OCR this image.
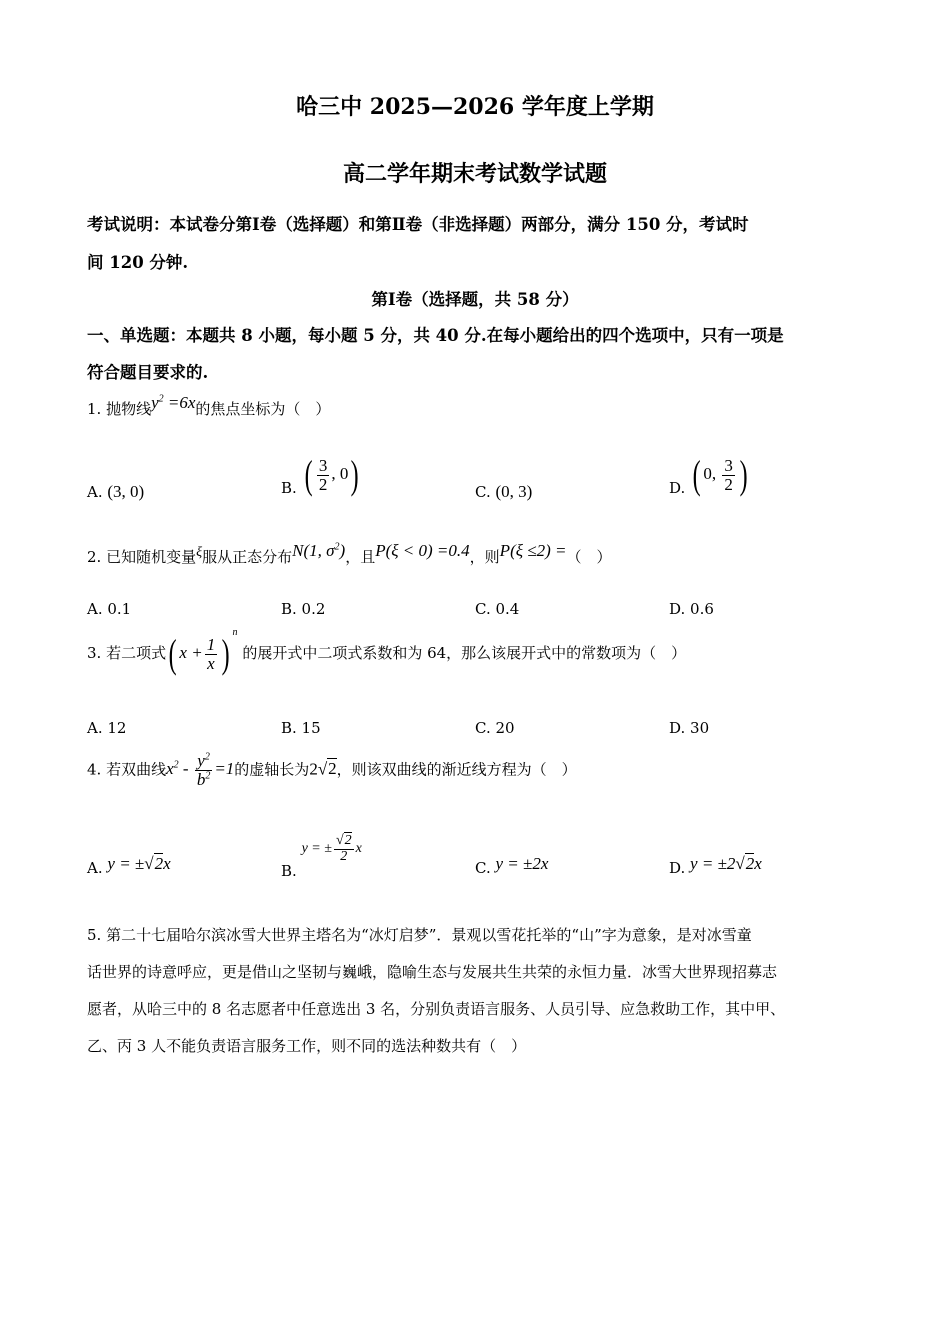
哈三中 2025—2026 学年度上学期
高二学年期末考试数学试题
考试说明：本试卷分第Ⅰ卷（选择题）和第Ⅱ卷（非选择题）两部分，满分 150 分，考试时
间 120 分钟.
第Ⅰ卷（选择题，共 58 分）
一、单选题：本题共 8 小题，每小题 5 分，共 40 分.在每小题给出的四个选项中，只有一项是
符合题目要求的.
1. 抛物线$y^2 =6x$的焦点坐标为（　）
A. (3, 0)	B. ( $\frac{3}{2}$ , 0)	C. (0, 3)	D. ( 0, $\frac{3}{2}$ )
2. 已知随机变量ξ服从正态分布N(1, $\sigma^2$)，且P(ξ < 0) =0.4，则P(ξ ≤2) =（　）
A. 0.1	B. 0.2	C. 0.4	D. 0.6
3. 若二项式( $x + \frac{1}{x}$ ) $^n$ 的展开式中二项式系数和为 64，那么该展开式中的常数项为（　）
A. 12	B. 15	C. 20	D. 30
4. 若双曲线$x^2 - \frac{y^2}{b^2} =1$的虚轴长为2√2，则该双曲线的渐近线方程为（　）
A. y = ±√2x	B. y = ± $\frac{√2}{2}$ x
C. y = ±2x	D. y = ±2√2x
5. 第二十七届哈尔滨冰雪大世界主塔名为“冰灯启梦”．景观以雪花托举的“山”字为意象，是对冰雪童
话世界的诗意呼应，更是借山之坚韧与巍峨，隐喻生态与发展共生共荣的永恒力量．冰雪大世界现招募志
愿者，从哈三中的 8 名志愿者中任意选出 3 名，分别负责语言服务、人员引导、应急救助工作，其中甲、
乙、丙 3 人不能负责语言服务工作，则不同的选法种数共有（　）
